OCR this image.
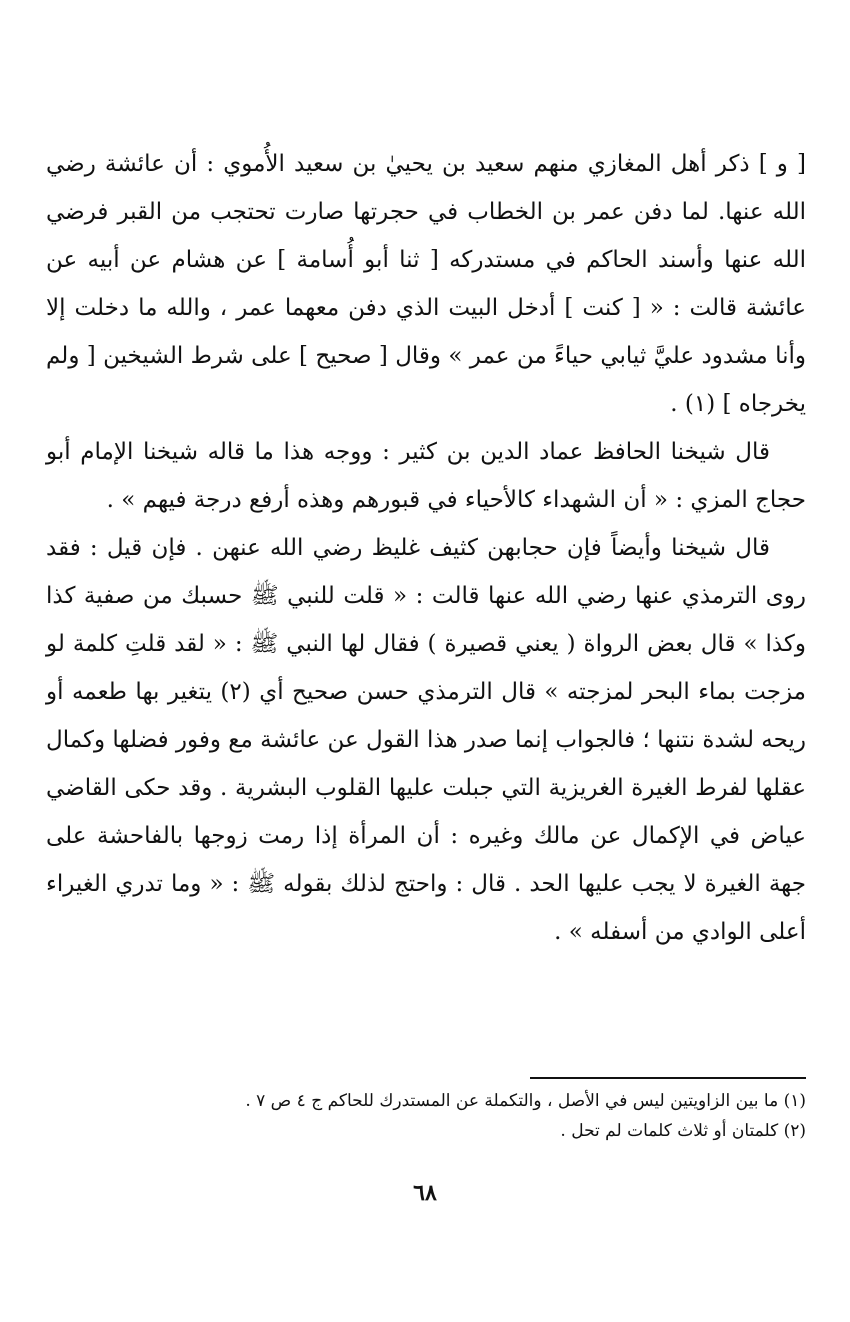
[ و ] ذكر أهل المغازي منهم سعيد بن يحييٰ بن سعيد الأُموي : أن عائشة رضي الله عنها. لما دفن عمر بن الخطاب في حجرتها صارت تحتجب من القبر فرضي الله عنها وأسند الحاكم في مستدركه [ ثنا أبو أُسامة ] عن هشام عن أبيه عن عائشة قالت : « [ كنت ] أدخل البيت الذي دفن معهما عمر ، والله ما دخلت إلا وأنا مشدود عليَّ ثيابي حياءً من عمر » وقال [ صحيح ] على شرط الشيخين [ ولم يخرجاه ] (١) .

قال شيخنا الحافظ عماد الدين بن كثير : ووجه هذا ما قاله شيخنا الإمام أبو حجاج المزي : « أن الشهداء كالأحياء في قبورهم وهذه أرفع درجة فيهم » .

قال شيخنا وأيضاً فإن حجابهن كثيف غليظ رضي الله عنهن . فإن قيل : فقد روى الترمذي عنها رضي الله عنها قالت : « قلت للنبي ﷺ حسبك من صفية كذا وكذا » قال بعض الرواة ( يعني قصيرة ) فقال لها النبي ﷺ : « لقد قلتِ كلمة لو مزجت بماء البحر لمزجته » قال الترمذي حسن صحيح أي (٢) يتغير بها طعمه أو ريحه لشدة نتنها ؛ فالجواب إنما صدر هذا القول عن عائشة مع وفور فضلها وكمال عقلها لفرط الغيرة الغريزية التي جبلت عليها القلوب البشرية . وقد حكى القاضي عياض في الإكمال عن مالك وغيره : أن المرأة إذا رمت زوجها بالفاحشة على جهة الغيرة لا يجب عليها الحد . قال : واحتج لذلك بقوله ﷺ : « وما تدري الغيراء أعلى الوادي من أسفله » .

(١) ما بين الزاويتين ليس في الأصل ، والتكملة عن المستدرك للحاكم ج ٤ ص ٧ .

(٢) كلمتان أو ثلاث كلمات لم تحل .

٦٨
